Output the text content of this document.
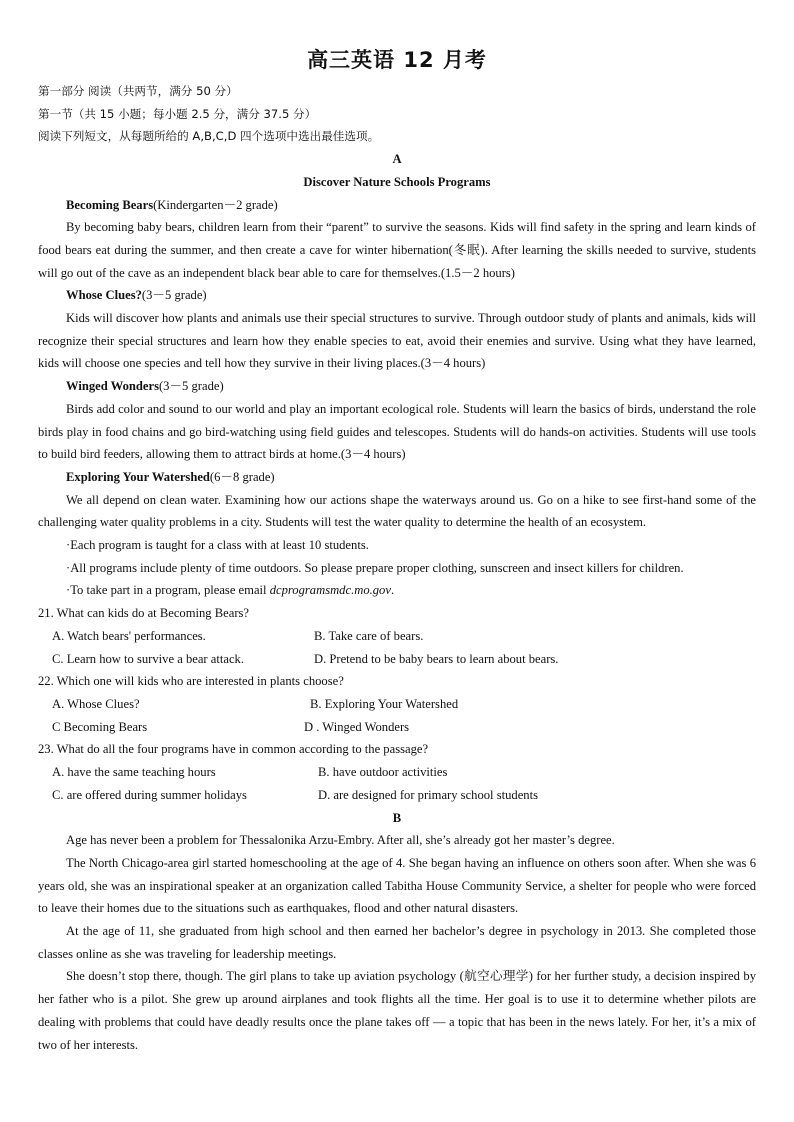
高三英语 12 月考
第一部分 阅读（共两节，满分 50 分）
第一节（共 15 小题；每小题 2.5 分，满分 37.5 分）
阅读下列短文，从每题所给的 A,B,C,D 四个选项中选出最佳选项。
A
Discover Nature Schools Programs
Becoming Bears(Kindergarten－2 grade)

By becoming baby bears, children learn from their “parent” to survive the seasons. Kids will find safety in the spring and learn kinds of food bears eat during the summer, and then create a cave for winter hibernation(冬眠). After learning the skills needed to survive, students will go out of the cave as an independent black bear able to care for themselves.(1.5－2 hours)

Whose Clues?(3－5 grade)

Kids will discover how plants and animals use their special structures to survive. Through outdoor study of plants and animals, kids will recognize their special structures and learn how they enable species to eat, avoid their enemies and survive. Using what they have learned, kids will choose one species and tell how they survive in their living places.(3－4 hours)

Winged Wonders(3－5 grade)

Birds add color and sound to our world and play an important ecological role. Students will learn the basics of birds, understand the role birds play in food chains and go bird-watching using field guides and telescopes. Students will do hands-on activities. Students will use tools to build bird feeders, allowing them to attract birds at home.(3－4 hours)

Exploring Your Watershed(6－8 grade)

We all depend on clean water. Examining how our actions shape the waterways around us. Go on a hike to see first-hand some of the challenging water quality problems in a city. Students will test the water quality to determine the health of an ecosystem.

·Each program is taught for a class with at least 10 students.
·All programs include plenty of time outdoors. So please prepare proper clothing, sunscreen and insect killers for children.
·To take part in a program, please email dcprogramsmdc.mo.gov.
21. What can kids do at Becoming Bears?
A. Watch bears' performances.	B. Take care of bears.
C. Learn how to survive a bear attack.	D. Pretend to be baby bears to learn about bears.
22. Which one will kids who are interested in plants choose?
A. Whose Clues?	B. Exploring Your Watershed
C Becoming Bears	D . Winged Wonders
23. What do all the four programs have in common according to the passage?
A. have the same teaching hours	B. have outdoor activities
C. are offered during summer holidays	D. are designed for primary school students
B

Age has never been a problem for Thessalonika Arzu-Embry. After all, she’s already got her master’s degree.

The North Chicago-area girl started homeschooling at the age of 4. She began having an influence on others soon after. When she was 6 years old, she was an inspirational speaker at an organization called Tabitha House Community Service, a shelter for people who were forced to leave their homes due to the situations such as earthquakes, flood and other natural disasters.

At the age of 11, she graduated from high school and then earned her bachelor’s degree in psychology in 2013. She completed those classes online as she was traveling for leadership meetings.

She doesn’t stop there, though. The girl plans to take up aviation psychology (航空心理学) for her further study, a decision inspired by her father who is a pilot. She grew up around airplanes and took flights all the time. Her goal is to use it to determine whether pilots are dealing with problems that could have deadly results once the plane takes off — a topic that has been in the news lately. For her, it’s a mix of two of her interests.
